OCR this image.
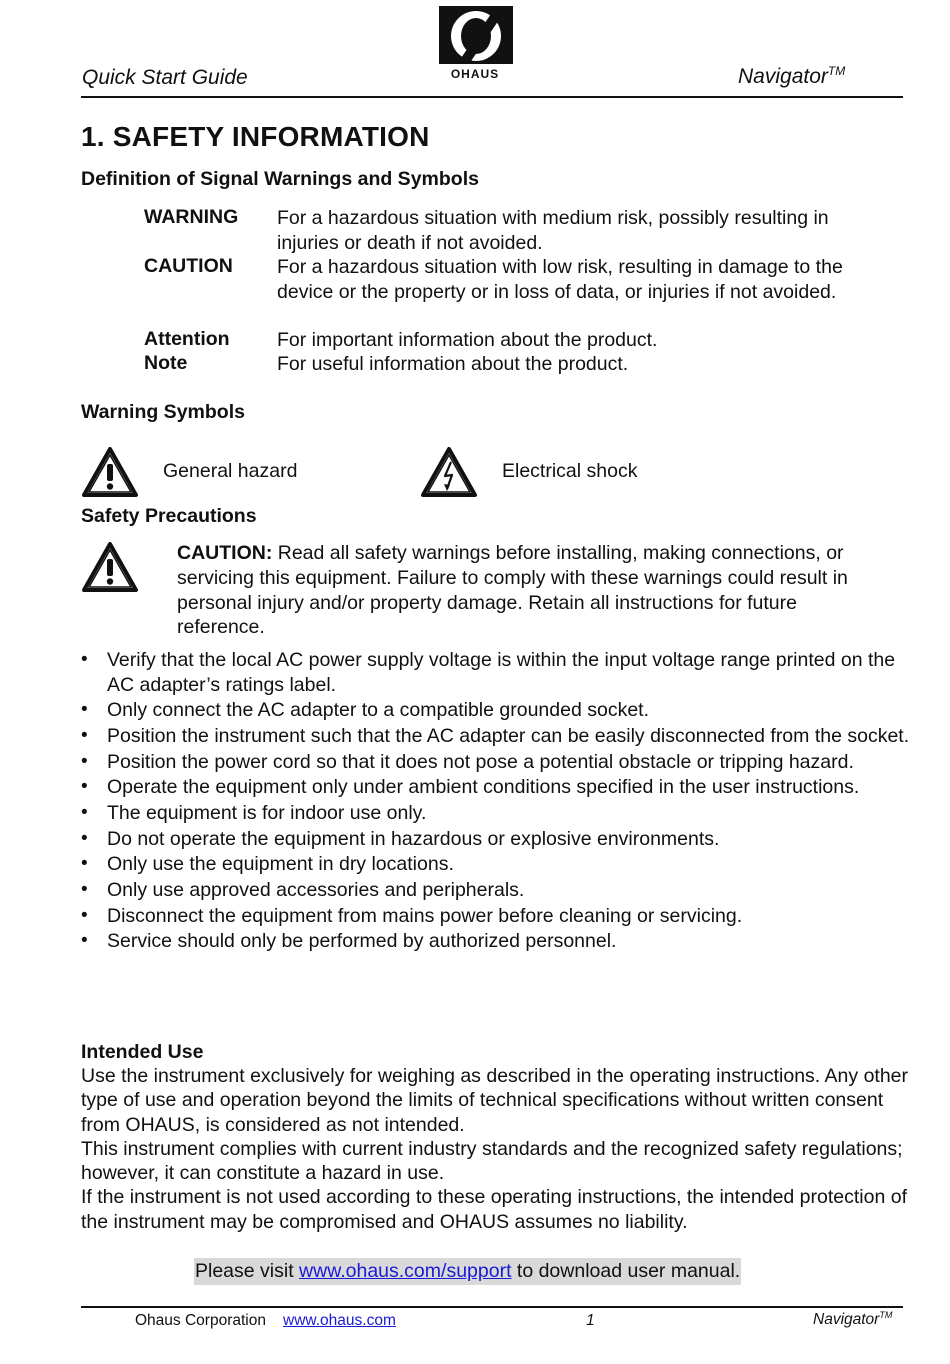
OHAUS
Quick Start Guide	Navigator™
1. SAFETY INFORMATION
Definition of Signal Warnings and Symbols
WARNING For a hazardous situation with medium risk, possibly resulting in injuries or death if not avoided.
CAUTION For a hazardous situation with low risk, resulting in damage to the device or the property or in loss of data, or injuries if not avoided.
Attention For important information about the product.
Note	For useful information about the product.
Warning Symbols
General hazard	Electrical shock
Safety Precautions
CAUTION: Read all safety warnings before installing, making connections, or servicing this equipment. Failure to comply with these warnings could result in personal injury and/or property damage. Retain all instructions for future reference.
• Verify that the local AC power supply voltage is within the input voltage range printed on the AC adapter’s ratings label.
• Only connect the AC adapter to a compatible grounded socket.
• Position the instrument such that the AC adapter can be easily disconnected from the socket.
• Position the power cord so that it does not pose a potential obstacle or tripping hazard.
• Operate the equipment only under ambient conditions specified in the user instructions.
• The equipment is for indoor use only.
• Do not operate the equipment in hazardous or explosive environments.
• Only use the equipment in dry locations.
• Only use approved accessories and peripherals.
• Disconnect the equipment from mains power before cleaning or servicing.
• Service should only be performed by authorized personnel.
Intended Use

Use the instrument exclusively for weighing as described in the operating instructions. Any other type of use and operation beyond the limits of technical specifications without written consent from OHAUS, is considered as not intended.

This instrument complies with current industry standards and the recognized safety regulations; however, it can constitute a hazard in use.

If the instrument is not used according to these operating instructions, the intended protection of the instrument may be compromised and OHAUS assumes no liability.

Please visit www.ohaus.com/support to download user manual.
Ohaus Corporation www.ohaus.com	1	Navigator™
